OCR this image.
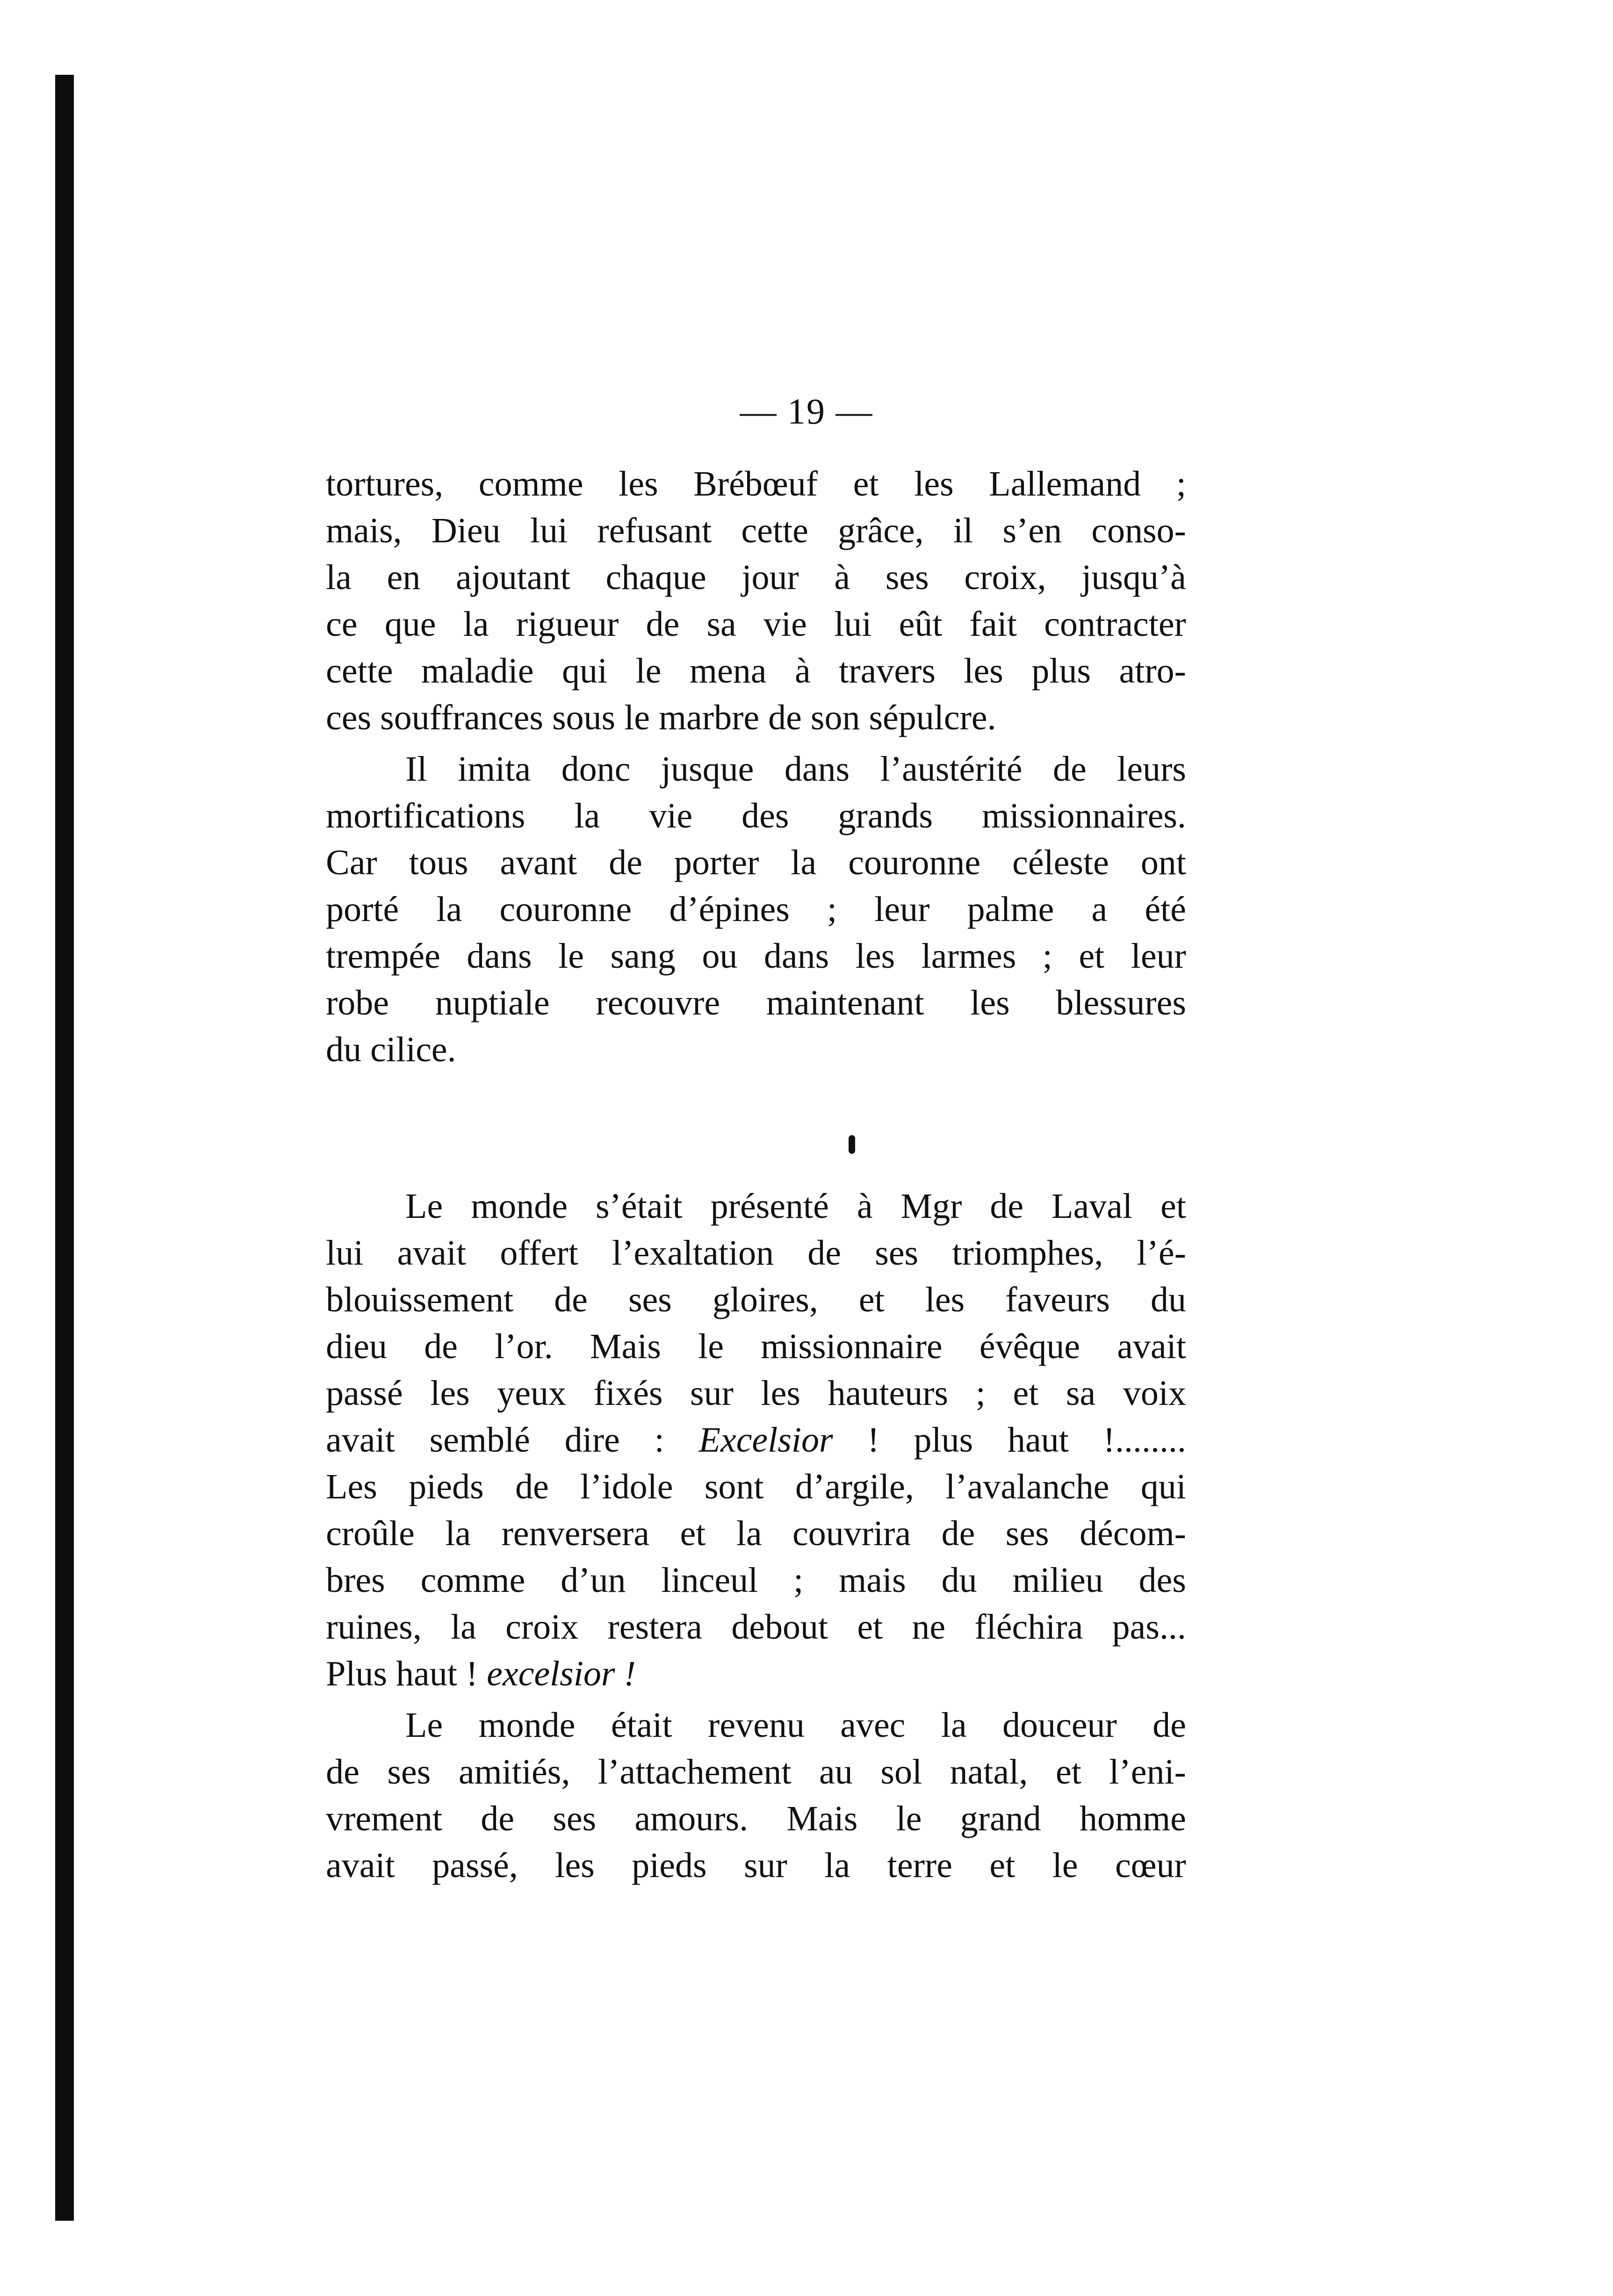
— 19 —
tortures, comme les Brébœuf et les Lallemand ;
mais, Dieu lui refusant cette grâce, il s’en conso-
la en ajoutant chaque jour à ses croix, jusqu’à
ce que la rigueur de sa vie lui eût fait contracter
cette maladie qui le mena à travers les plus atro-
ces souffrances sous le marbre de son sépulcre.
Il imita donc jusque dans l’austérité de leurs
mortifications la vie des grands missionnaires.
Car tous avant de porter la couronne céleste ont
porté la couronne d’épines ; leur palme a été
trempée dans le sang ou dans les larmes ; et leur
robe nuptiale recouvre maintenant les blessures
du cilice.
Le monde s’était présenté à Mgr de Laval et
lui avait offert l’exaltation de ses triomphes, l’é-
blouissement de ses gloires, et les faveurs du
dieu de l’or. Mais le missionnaire évêque avait
passé les yeux fixés sur les hauteurs ; et sa voix
avait semblé dire : Excelsior ! plus haut !........
Les pieds de l’idole sont d’argile, l’avalanche qui
croûle la renversera et la couvrira de ses décom-
bres comme d’un linceul ; mais du milieu des
ruines, la croix restera debout et ne fléchira pas...
Plus haut ! excelsior !
Le monde était revenu avec la douceur de
de ses amitiés, l’attachement au sol natal, et l’eni-
vrement de ses amours. Mais le grand homme
avait passé, les pieds sur la terre et le cœur
